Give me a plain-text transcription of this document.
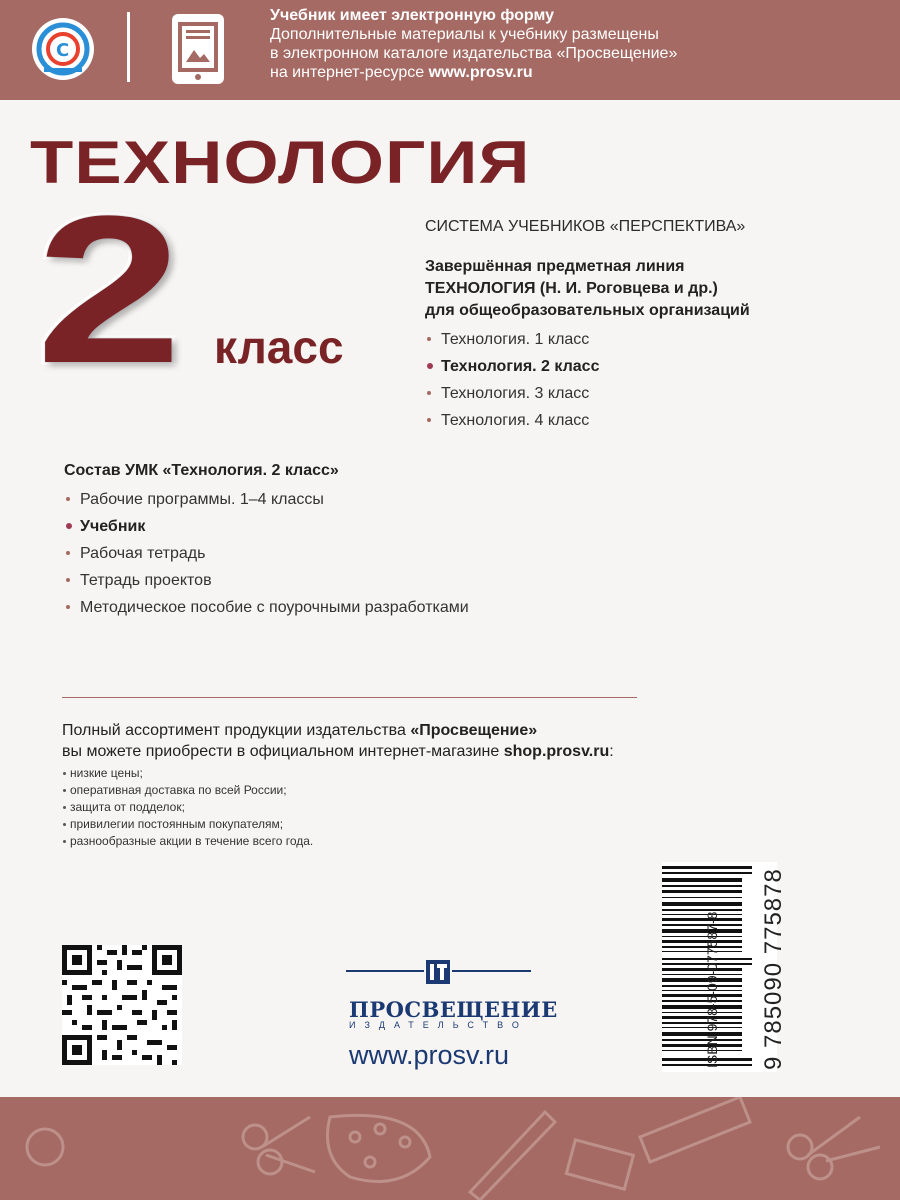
C
Учебник имеет электронную форму
Дополнительные материалы к учебнику размещены
в электронном каталоге издательства «Просвещение»
на интернет-ресурсе www.prosv.ru
ТЕХНОЛОГИЯ
2 класс
СИСТЕМА УЧЕБНИКОВ «ПЕРСПЕКТИВА»
Завершённая предметная линия
ТЕХНОЛОГИЯ (Н. И. Роговцева и др.)
для общеобразовательных организаций
Технология. 1 класс
Технология. 2 класс
Технология. 3 класс
Технология. 4 класс
Состав УМК «Технология. 2 класс»
Рабочие программы. 1–4 классы
Учебник
Рабочая тетрадь
Тетрадь проектов
Методическое пособие с поурочными разработками
Полный ассортимент продукции издательства «Просвещение»
вы можете приобрести в официальном интернет-магазине shop.prosv.ru:
низкие цены;
оперативная доставка по всей России;
защита от подделок;
привилегии постоянным покупателям;
разнообразные акции в течение всего года.
ПРОСВЕЩЕНИЕ
ИЗДАТЕЛЬСТВО
www.prosv.ru	ISBN 978-5-09-077587-8 9 785090 775878
